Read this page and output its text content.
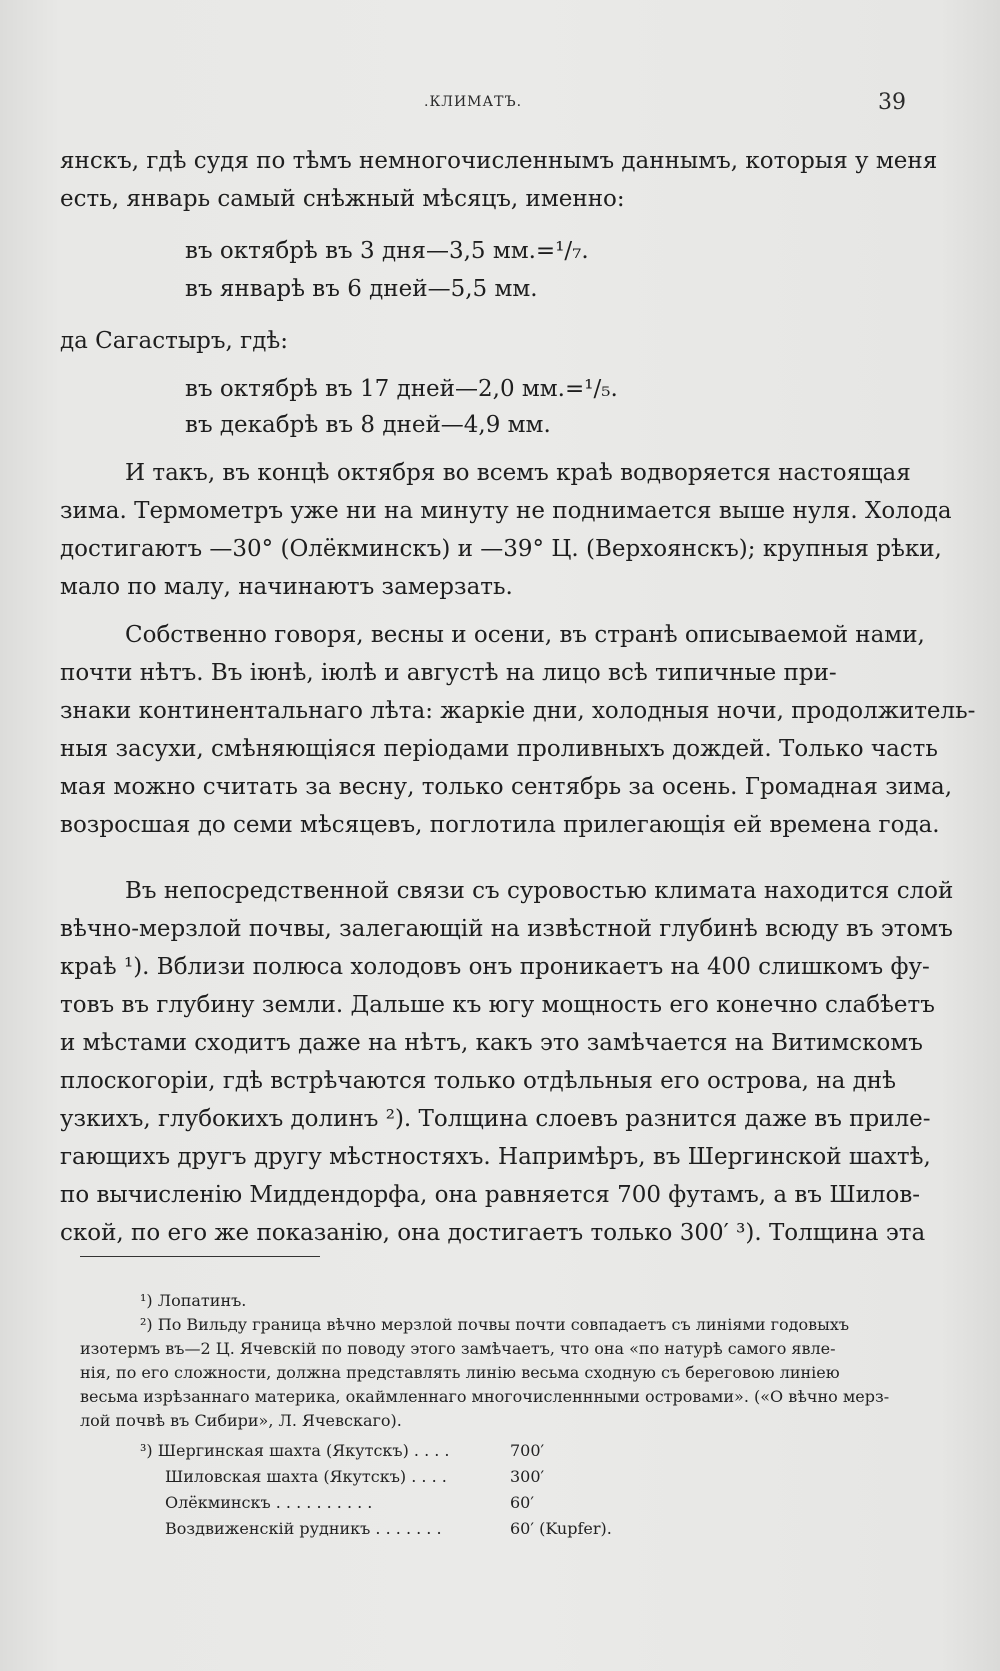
.КЛИМАТЪ.	39
янскъ, гдѣ судя по тѣмъ немногочисленнымъ даннымъ, которыя у меня
есть, январь самый снѣжный мѣсяцъ, именно:
въ октябрѣ въ 3 дня—3,5 мм.=¹/₇.
въ январѣ въ 6 дней—5,5 мм.
да Сагастыръ, гдѣ:
въ октябрѣ въ 17 дней—2,0 мм.=¹/₅.
въ декабрѣ въ 8 дней—4,9 мм.
И такъ, въ концѣ октября во всемъ краѣ водворяется настоящая
зима. Термометръ уже ни на минуту не поднимается выше нуля. Холода
достигаютъ —30° (Олёкминскъ) и —39° Ц. (Верхоянскъ); крупныя рѣки,
мало по малу, начинаютъ замерзать.
Собственно говоря, весны и осени, въ странѣ описываемой нами,
почти нѣтъ. Въ іюнѣ, іюлѣ и августѣ на лицо всѣ типичные при-
знаки континентальнаго лѣта: жаркіе дни, холодныя ночи, продолжитель-
ныя засухи, смѣняющіяся періодами проливныхъ дождей. Только часть
мая можно считать за весну, только сентябрь за осень. Громадная зима,
возросшая до семи мѣсяцевъ, поглотила прилегающія ей времена года.
Въ непосредственной связи съ суровостью климата находится слой
вѣчно-мерзлой почвы, залегающій на извѣстной глубинѣ всюду въ этомъ
краѣ ¹). Вблизи полюса холодовъ онъ проникаетъ на 400 слишкомъ фу-
товъ въ глубину земли. Дальше къ югу мощность его конечно слабѣетъ
и мѣстами сходитъ даже на нѣтъ, какъ это замѣчается на Витимскомъ
плоскогоріи, гдѣ встрѣчаются только отдѣльныя его острова, на днѣ
узкихъ, глубокихъ долинъ ²). Толщина слоевъ разнится даже въ приле-
гающихъ другъ другу мѣстностяхъ. Напримѣръ, въ Шергинской шахтѣ,
по вычисленію Миддендорфа, она равняется 700 футамъ, а въ Шилов-
ской, по его же показанію, она достигаетъ только 300′ ³). Толщина эта
¹) Лопатинъ.
²) По Вильду граница вѣчно мерзлой почвы почти совпадаетъ съ линіями годовыхъ
изотермъ въ—2 Ц. Ячевскій по поводу этого замѣчаетъ, что она «по натурѣ самого явле-
нія, по его сложности, должна представлять линію весьма сходную съ береговою линіею
весьма изрѣзаннаго материка, окаймленнаго многочисленнными островами». («О вѣчно мерз-
лой почвѣ въ Сибири», Л. Ячевскаго).
³) Шергинская шахта (Якутскъ) . . . .	700′
Шиловская шахта (Якутскъ) . . . .	300′
Олёкминскъ . . . . . . . . . .	60′
Воздвиженскій рудникъ . . . . . . .	60′ (Kupfer).
